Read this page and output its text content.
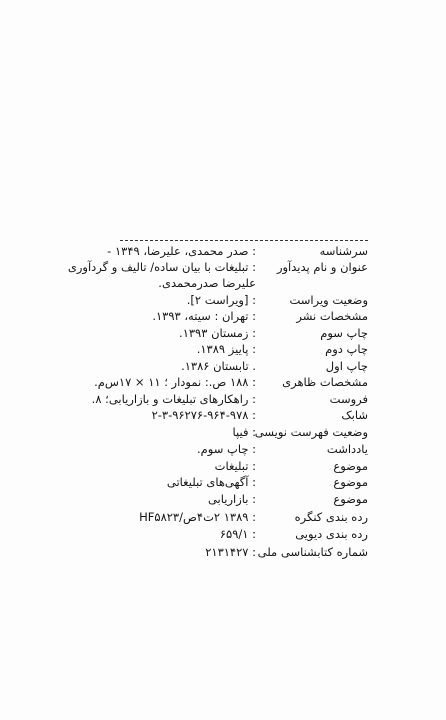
سرشناسه
: صدر محمدی، علیرضا، ۱۳۴۹ -
عنوان و نام پدیدآور
: تبلیغات با بیان ساده/ تالیف و گردآوری
علیرضا صدرمحمدی.
وضعیت ویراست
: [ویراست ۲].
مشخصات نشر
: تهران : سیته، ۱۳۹۳.
چاپ سوم
: زمستان ۱۳۹۳.
چاپ دوم
: پاییز ۱۳۸۹.
چاپ اول
. تابستان ۱۳۸۶.
مشخصات ظاهری
: ۱۸۸ ص.: نمودار ؛ ۱۱ × ۱۷س‌م.
فروست
: راهکارهای تبلیغات و بازاریابی؛ ۸.
شابک
: ۲-۳-۹۶۲۷۶-۹۶۴-۹۷۸
وضعیت فهرست نویسی
: فیپا
یادداشت
: چاپ سوم.
موضوع
: تبلیغات
موضوع
: آگهی‌های تبلیغاتی
موضوع
: بازاریابی
رده بندی کنگره
: ۱۳۸۹ ۲ت۴ص/HF۵۸۲۳
رده بندی دیویی
: ۶۵۹/۱
شماره کتابشناسی ملی
: ۲۱۳۱۴۲۷
